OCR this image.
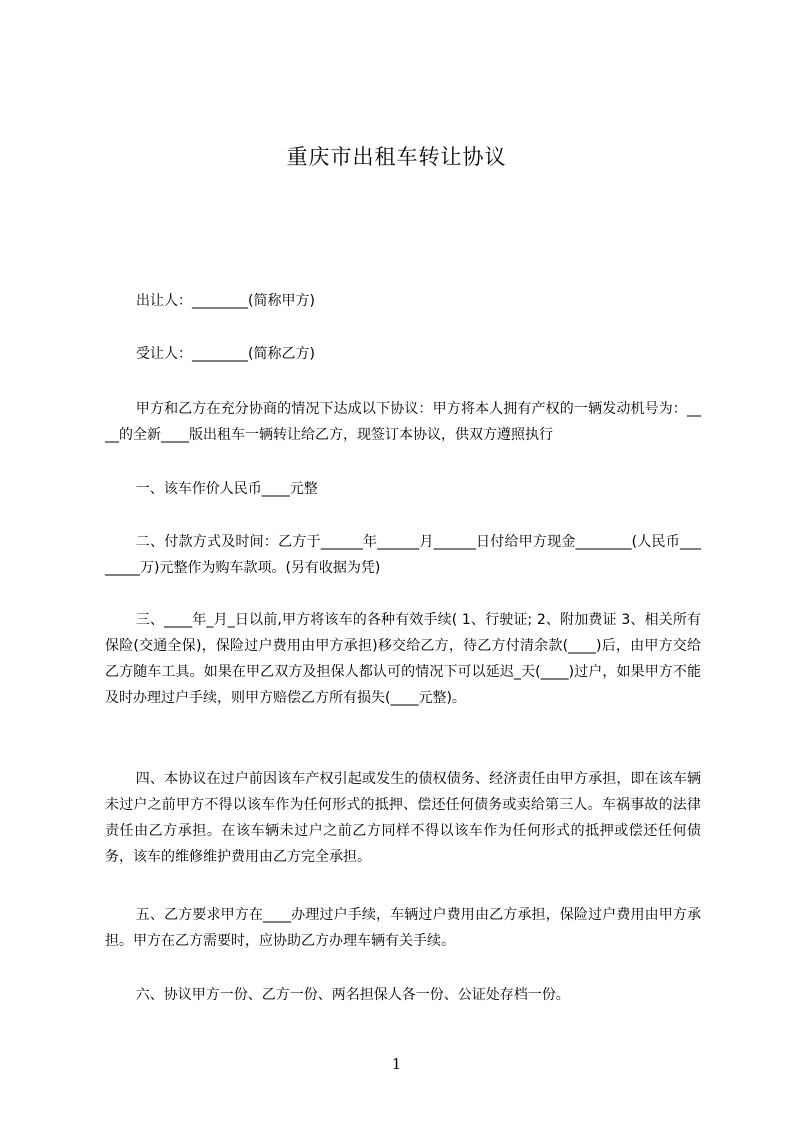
重庆市出租车转让协议
出让人：________(简称甲方)
受让人：________(简称乙方)

甲方和乙方在充分协商的情况下达成以下协议：甲方将本人拥有产权的一辆发动机号为：____的全新____版出租车一辆转让给乙方，现签订本协议，供双方遵照执行

一、该车作价人民币____元整

二、付款方式及时间：乙方于______年______月______日付给甲方现金________(人民币________万)元整作为购车款项。(另有收据为凭)

三、____年_月_日以前,甲方将该车的各种有效手续( 1、行驶证; 2、附加费证 3、相关所有保险(交通全保)，保险过户费用由甲方承担)移交给乙方，待乙方付清余款(____)后，由甲方交给乙方随车工具。如果在甲乙双方及担保人都认可的情况下可以延迟_天(____)过户，如果甲方不能及时办理过户手续，则甲方赔偿乙方所有损失(____元整)。

四、本协议在过户前因该车产权引起或发生的债权债务、经济责任由甲方承担，即在该车辆未过户之前甲方不得以该车作为任何形式的抵押、偿还任何债务或卖给第三人。车祸事故的法律责任由乙方承担。在该车辆未过户之前乙方同样不得以该车作为任何形式的抵押或偿还任何债务，该车的维修维护费用由乙方完全承担。

五、乙方要求甲方在____办理过户手续，车辆过户费用由乙方承担，保险过户费用由甲方承担。甲方在乙方需要时，应协助乙方办理车辆有关手续。

六、协议甲方一份、乙方一份、两名担保人各一份、公证处存档一份。

1
